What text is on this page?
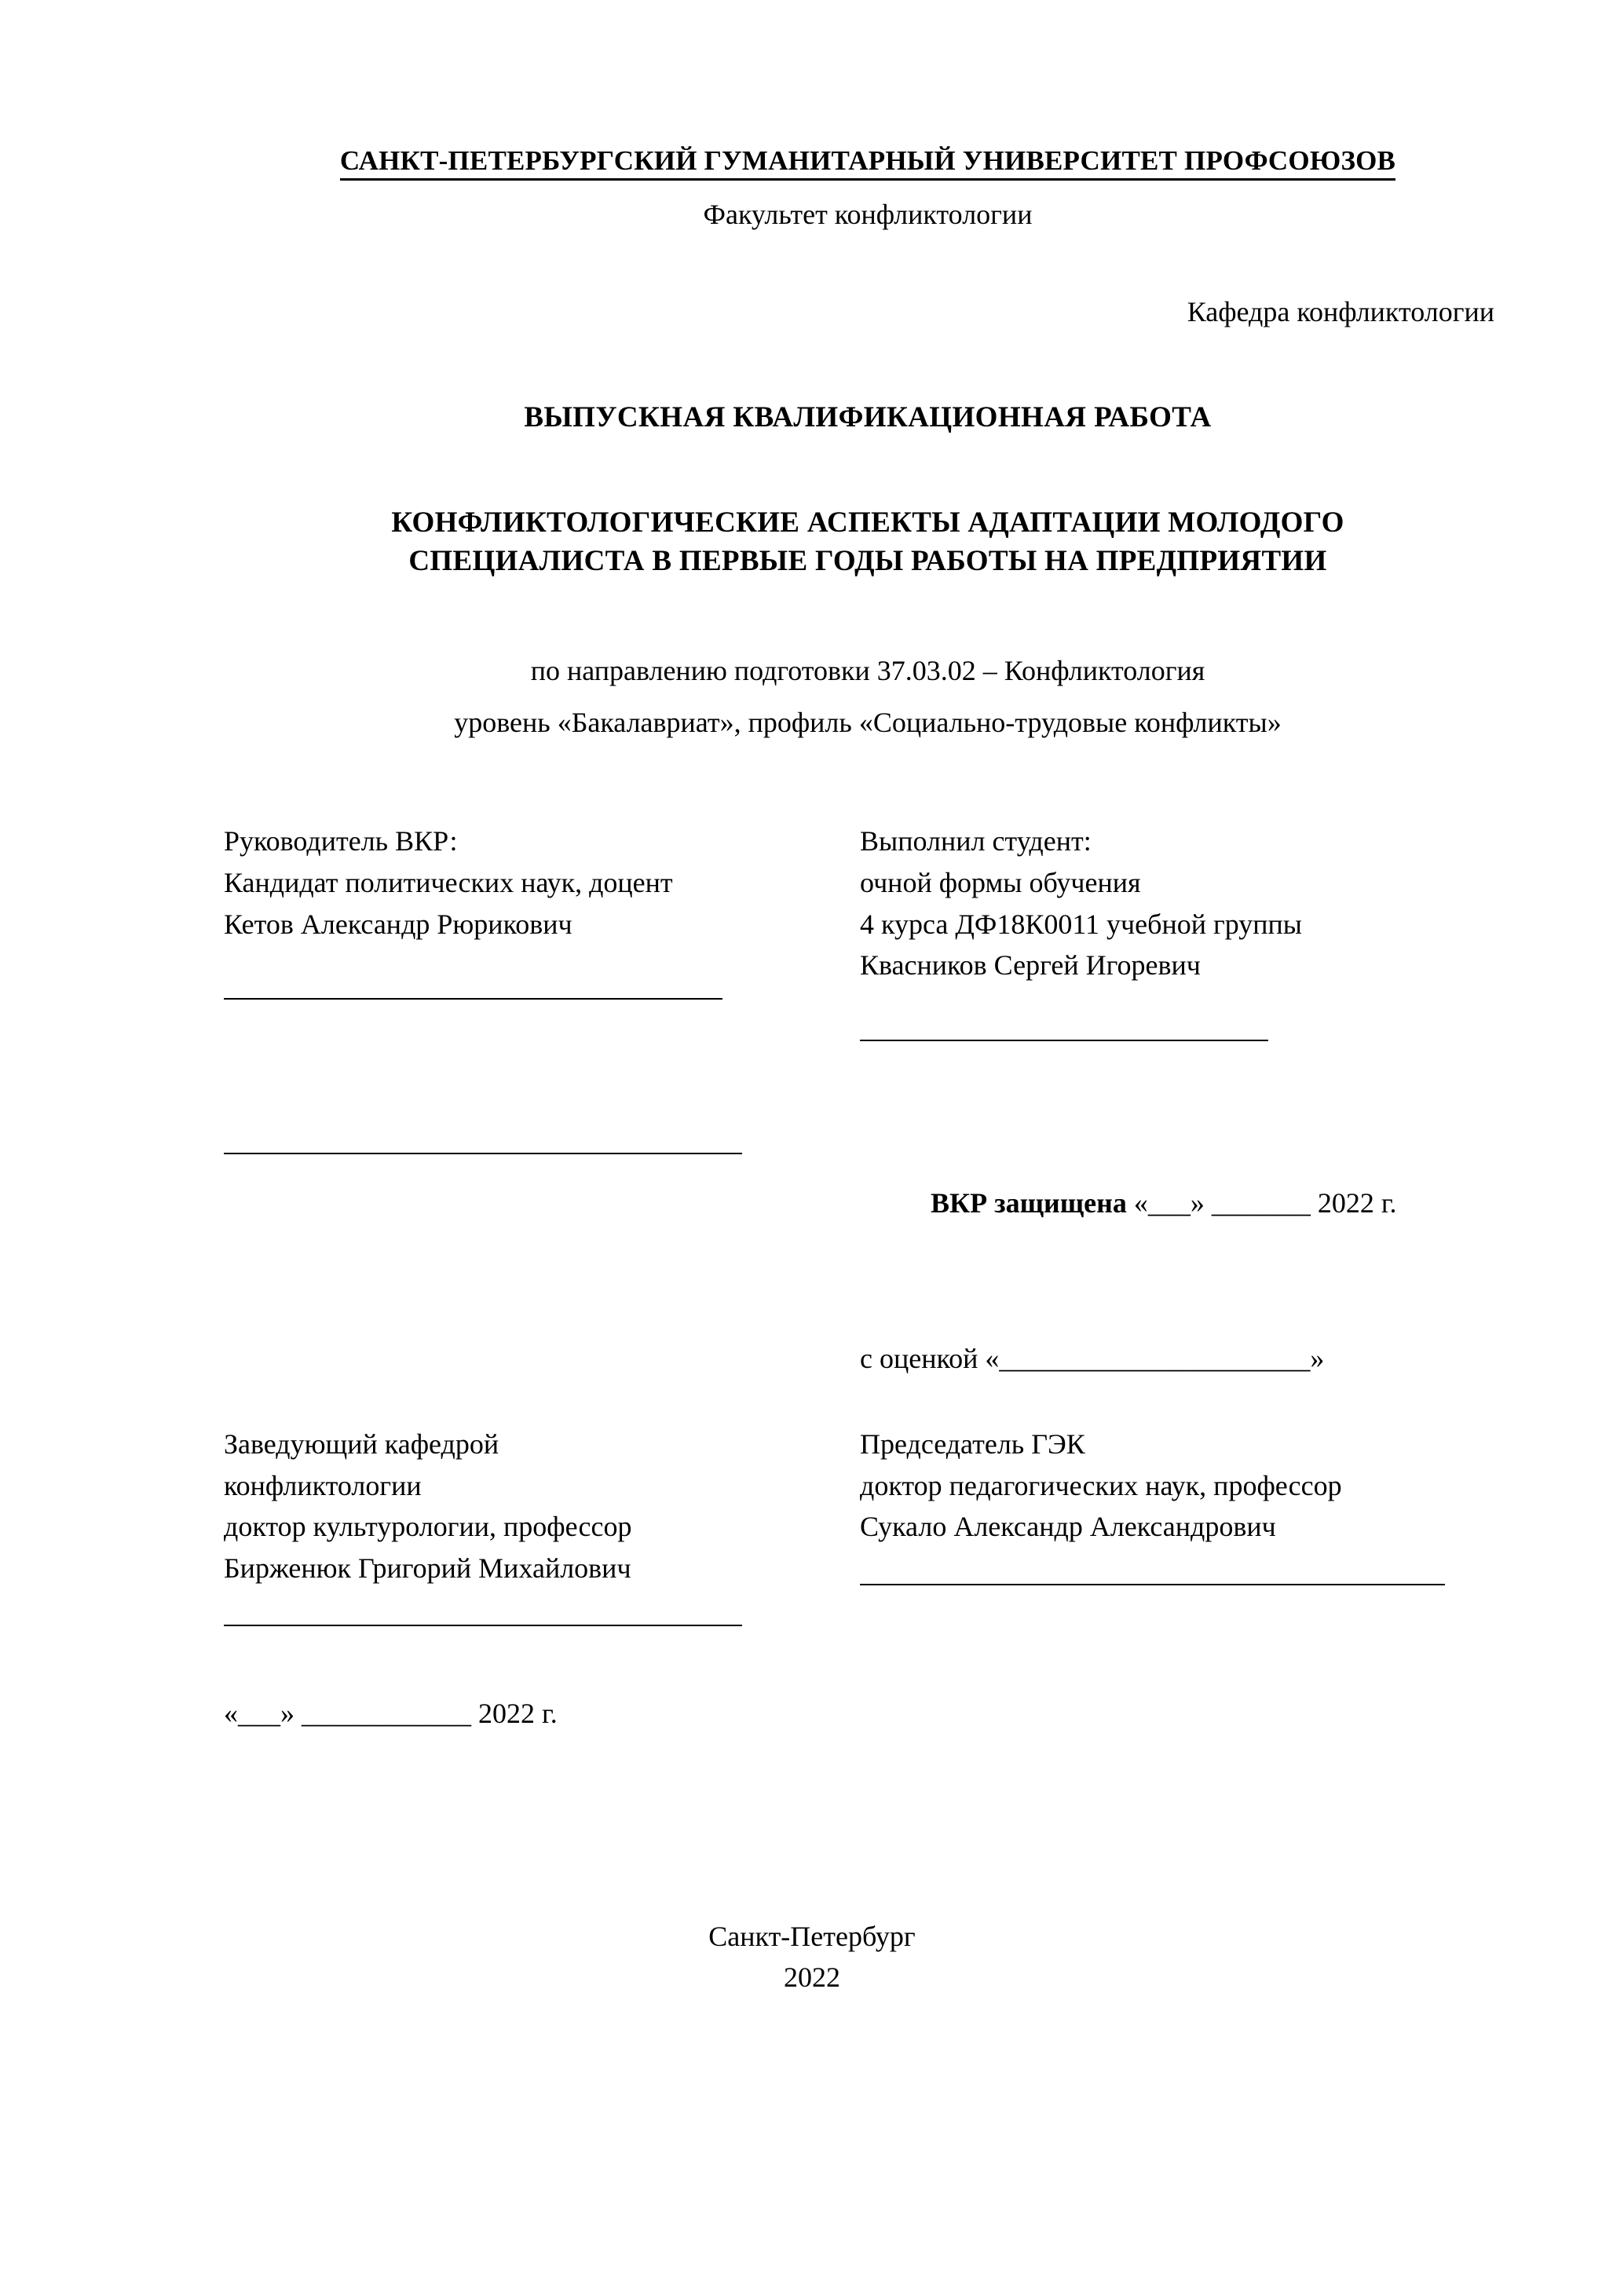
САНКТ-ПЕТЕРБУРГСКИЙ ГУМАНИТАРНЫЙ УНИВЕРСИТЕТ ПРОФСОЮЗОВ
Факультет конфликтологии
Кафедра конфликтологии
ВЫПУСКНАЯ КВАЛИФИКАЦИОННАЯ РАБОТА
КОНФЛИКТОЛОГИЧЕСКИЕ АСПЕКТЫ АДАПТАЦИИ МОЛОДОГО
СПЕЦИАЛИСТА В ПЕРВЫЕ ГОДЫ РАБОТЫ НА ПРЕДПРИЯТИИ
по направлению подготовки 37.03.02 – Конфликтология
уровень «Бакалавриат», профиль «Социально-трудовые конфликты»
Руководитель ВКР:
Кандидат политических наук, доцент
Кетов Александр Рюрикович
Выполнил студент:
очной формы обучения
4 курса ДФ18К0011 учебной группы
Квасников Сергей Игоревич

ВКР защищена «___» _______ 2022 г.

с оценкой «______________________»
Заведующий кафедрой
конфликтологии
доктор культурологии, профессор
Бирженюк Григорий Михайлович
«___» ____________ 2022 г.
Председатель ГЭК
доктор педагогических наук, профессор
Сукало Александр Александрович
Санкт-Петербург
2022
